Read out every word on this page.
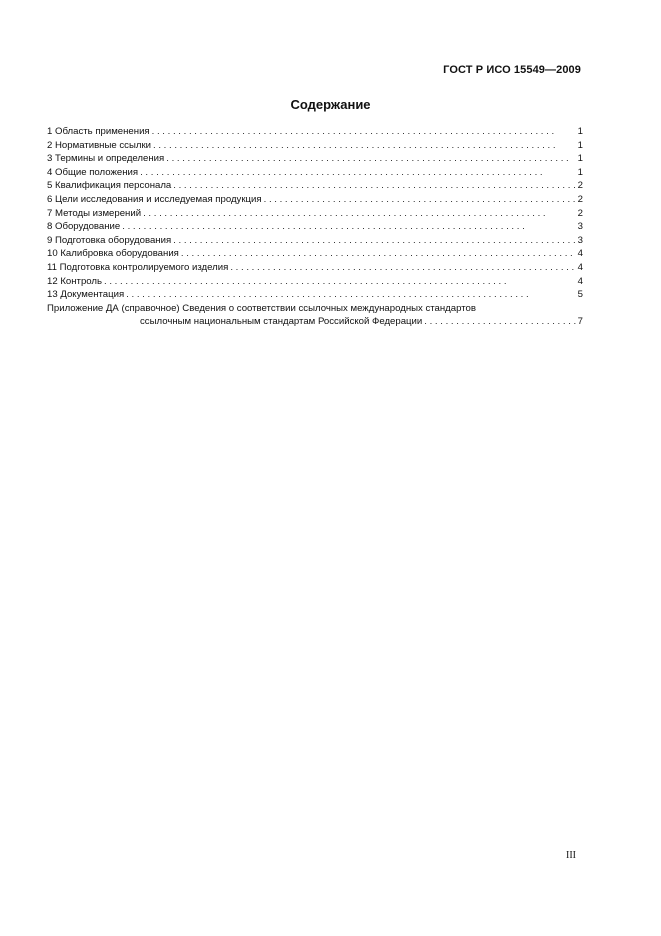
ГОСТ Р ИСО 15549—2009
Содержание
1 Область применения . . .	1
2 Нормативные ссылки . . .	1
3 Термины и определения . . .	1
4 Общие положения . . .	1
5 Квалификация персонала . . .	2
6 Цели исследования и исследуемая продукция . . .	2
7 Методы измерений . . .	2
8 Оборудование . . .	3
9 Подготовка оборудования . . .	3
10 Калибровка оборудования . . .	4
11 Подготовка контролируемого изделия . . .	4
12 Контроль . . .	4
13 Документация . . .	5
Приложение ДА (справочное) Сведения о соответствии ссылочных международных стандартов
ссылочным национальным стандартам Российской Федерации . . .	7
III
